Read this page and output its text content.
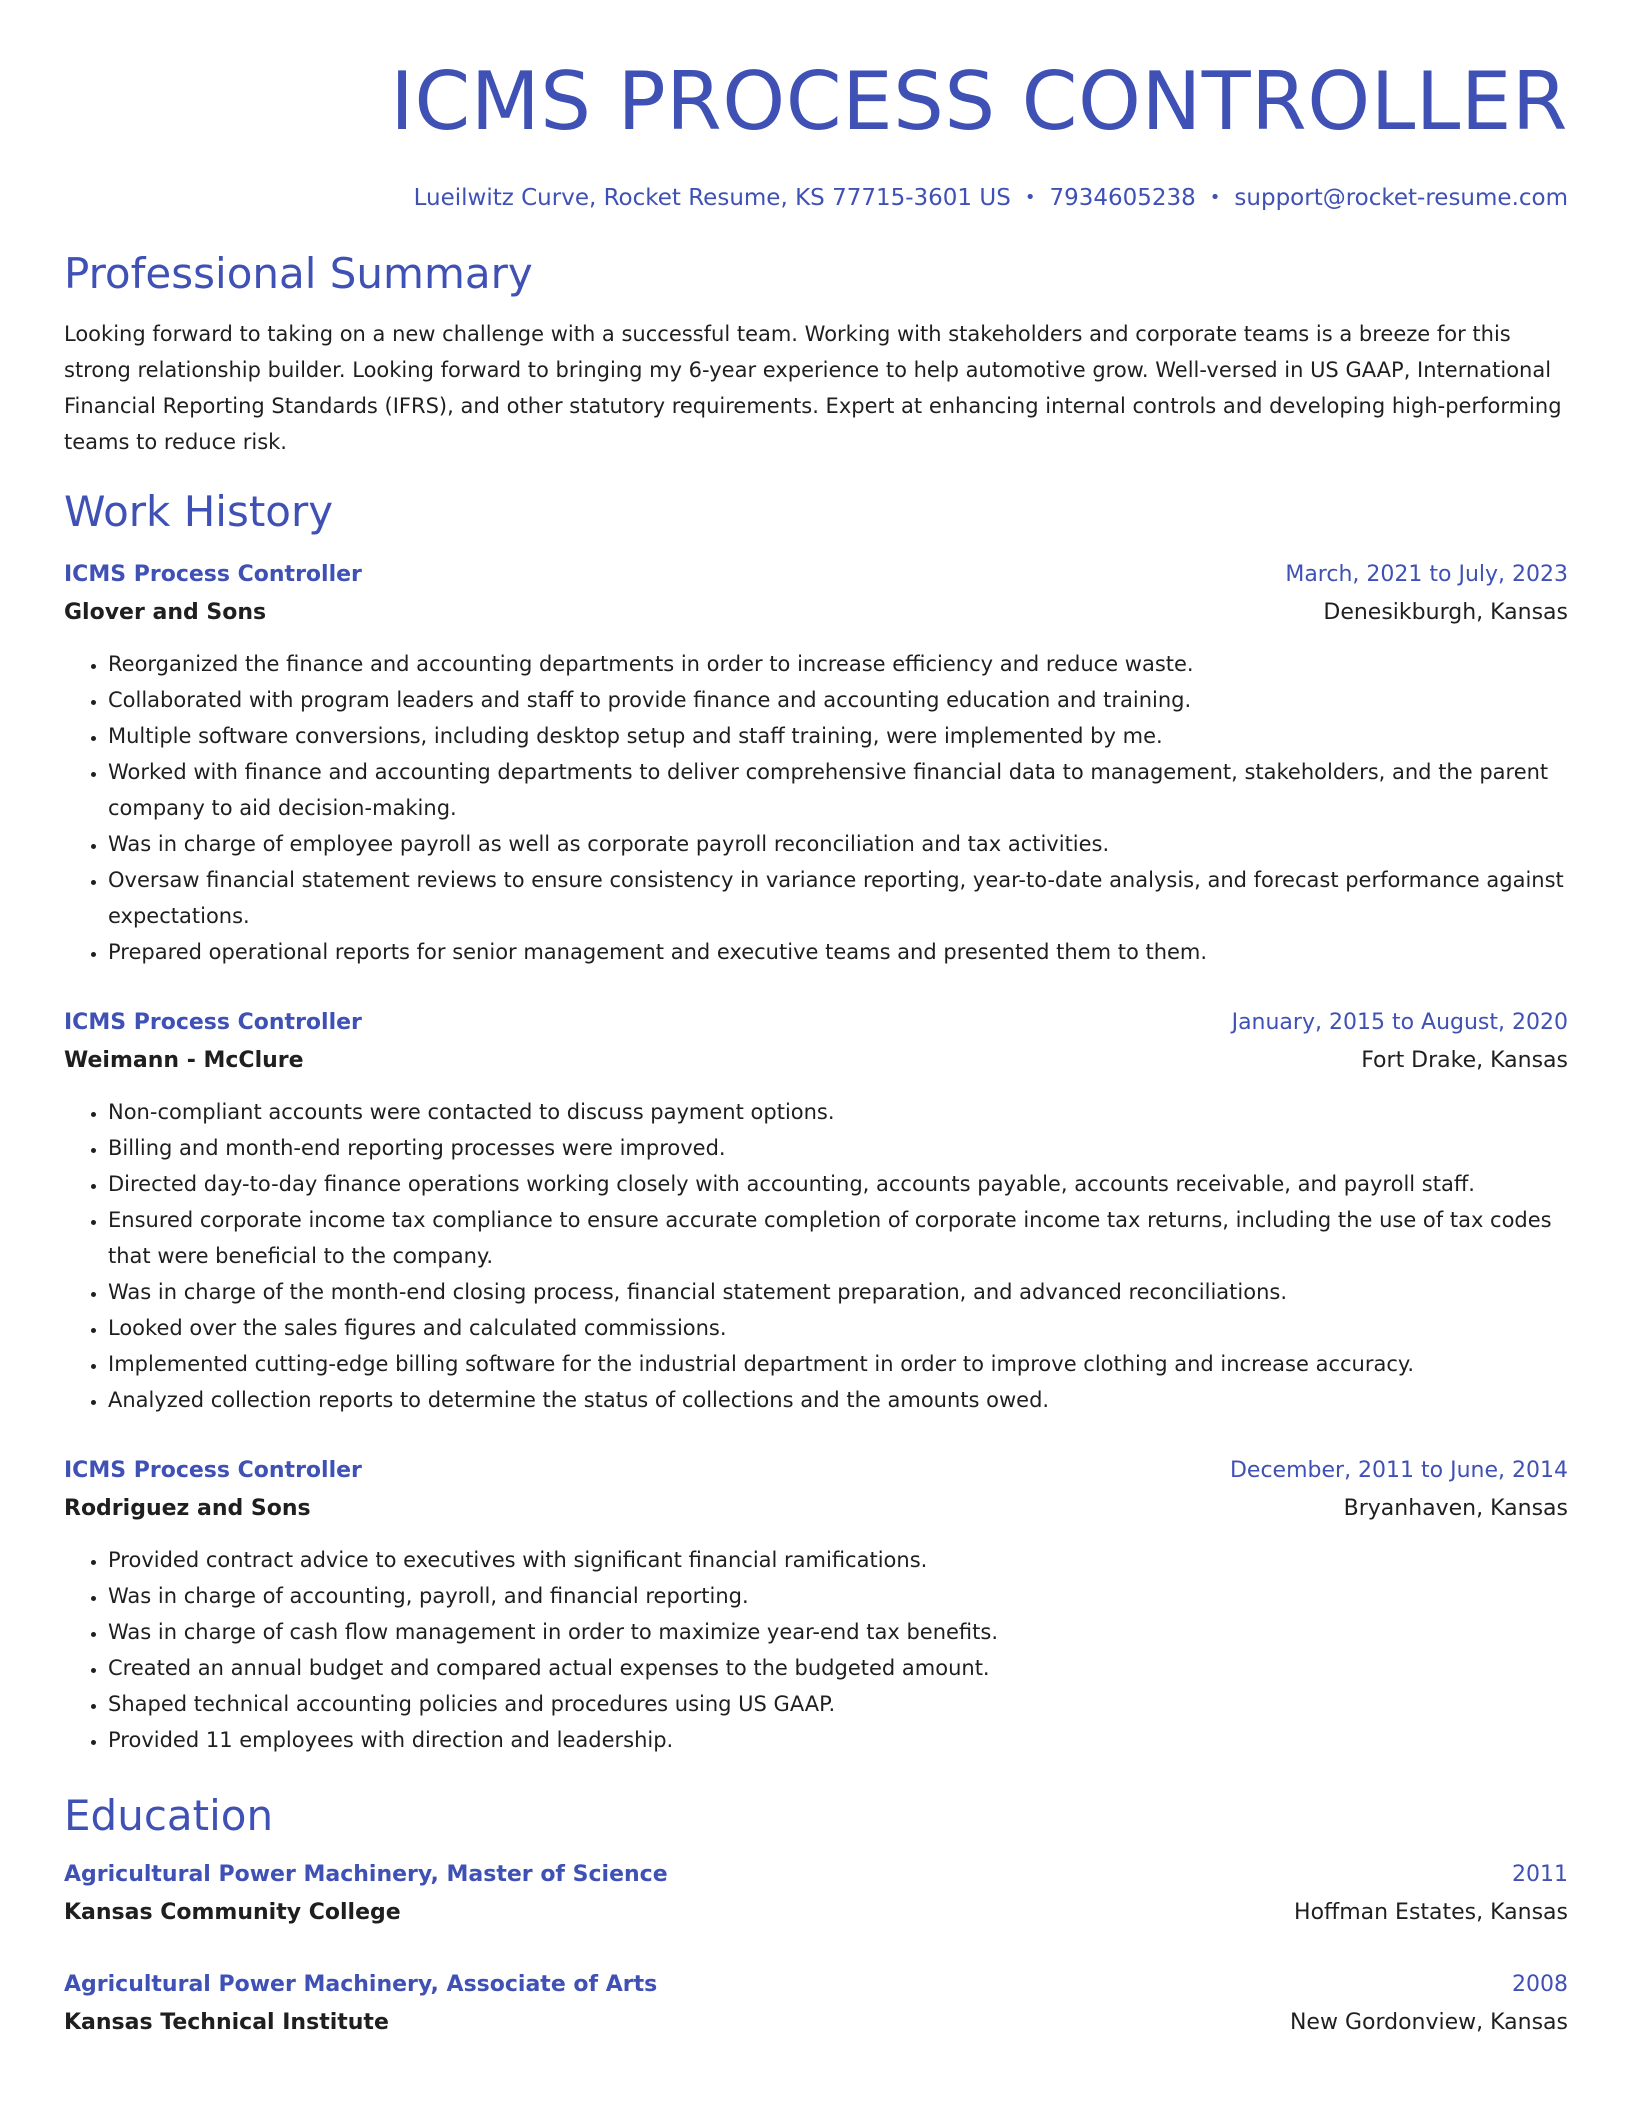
ICMS PROCESS CONTROLLER
Lueilwitz Curve, Rocket Resume, KS 77715-3601 US • 7934605238 • support@rocket-resume.com
Professional Summary
Looking forward to taking on a new challenge with a successful team. Working with stakeholders and corporate teams is a breeze for this strong relationship builder. Looking forward to bringing my 6-year experience to help automotive grow. Well-versed in US GAAP, International Financial Reporting Standards (IFRS), and other statutory requirements. Expert at enhancing internal controls and developing high-performing teams to reduce risk.
Work History
ICMS Process Controller	March, 2021 to July, 2023
Glover and Sons	Denesikburgh, Kansas
• Reorganized the finance and accounting departments in order to increase efficiency and reduce waste.
• Collaborated with program leaders and staff to provide finance and accounting education and training.
• Multiple software conversions, including desktop setup and staff training, were implemented by me.
• Worked with finance and accounting departments to deliver comprehensive financial data to management, stakeholders, and the parent company to aid decision-making.
• Was in charge of employee payroll as well as corporate payroll reconciliation and tax activities.
• Oversaw financial statement reviews to ensure consistency in variance reporting, year-to-date analysis, and forecast performance against expectations.
• Prepared operational reports for senior management and executive teams and presented them to them.
ICMS Process Controller	January, 2015 to August, 2020
Weimann - McClure	Fort Drake, Kansas
• Non-compliant accounts were contacted to discuss payment options.
• Billing and month-end reporting processes were improved.
• Directed day-to-day finance operations working closely with accounting, accounts payable, accounts receivable, and payroll staff.
• Ensured corporate income tax compliance to ensure accurate completion of corporate income tax returns, including the use of tax codes that were beneficial to the company.
• Was in charge of the month-end closing process, financial statement preparation, and advanced reconciliations.
• Looked over the sales figures and calculated commissions.
• Implemented cutting-edge billing software for the industrial department in order to improve clothing and increase accuracy.
• Analyzed collection reports to determine the status of collections and the amounts owed.
ICMS Process Controller	December, 2011 to June, 2014
Rodriguez and Sons	Bryanhaven, Kansas
• Provided contract advice to executives with significant financial ramifications.
• Was in charge of accounting, payroll, and financial reporting.
• Was in charge of cash flow management in order to maximize year-end tax benefits.
• Created an annual budget and compared actual expenses to the budgeted amount.
• Shaped technical accounting policies and procedures using US GAAP.
• Provided 11 employees with direction and leadership.
Education
Agricultural Power Machinery, Master of Science	2011
Kansas Community College	Hoffman Estates, Kansas
Agricultural Power Machinery, Associate of Arts	2008
Kansas Technical Institute	New Gordonview, Kansas
